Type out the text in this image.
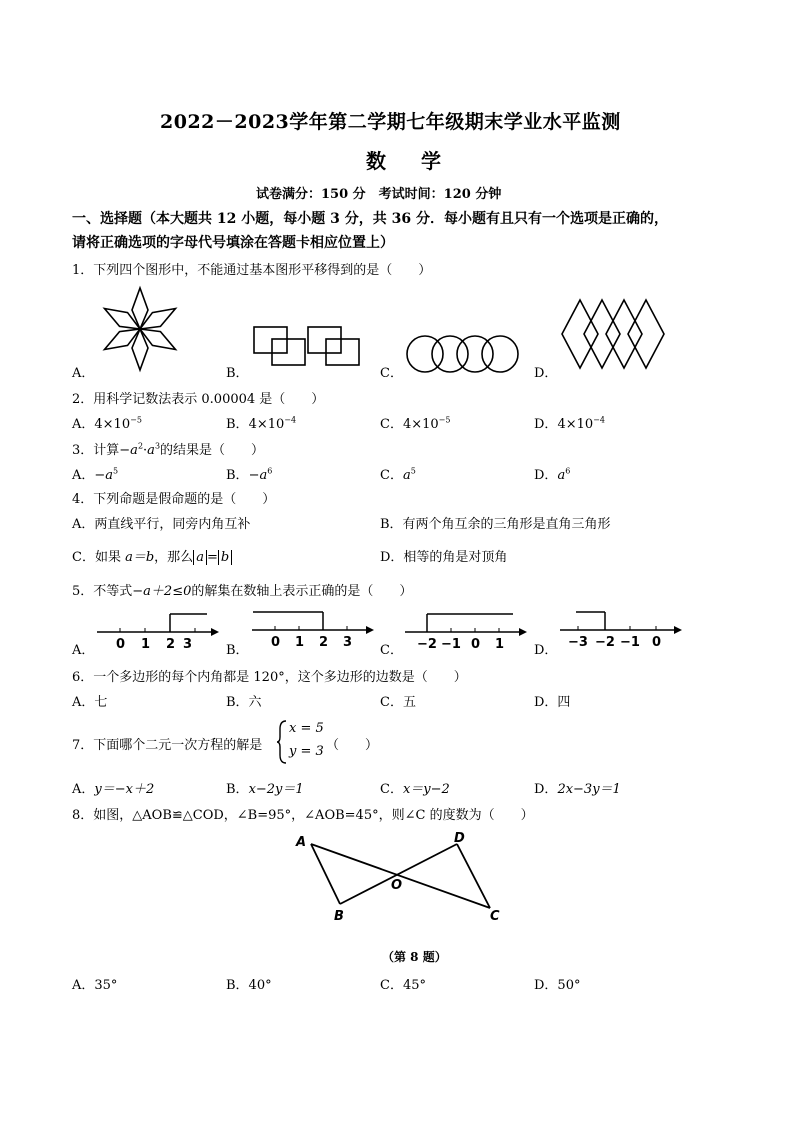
2022－2023学年第二学期七年级期末学业水平监测
数 学
试卷满分：150 分　考试时间：120 分钟
一、选择题（本大题共 12 小题，每小题 3 分，共 36 分．每小题有且只有一个选项是正确的，
请将正确选项的字母代号填涂在答题卡相应位置上）
1．下列四个图形中，不能通过基本图形平移得到的是（　　）
A．	B．	C．	D．
2．用科学记数法表示 0.00004 是（　　）
A．$4\times 10^{-5}$	B．$4\times 10^{-4}$	C．$4\times 10^{-5}$	D．$4\times 10^{-4}$
3．计算$-a^2\cdot a^3$的结果是（　　）
A．$-a^5$	B．$-a^6$	C．$a^5$	D．$a^6$
4．下列命题是假命题的是（　　）
A．两直线平行，同旁内角互补	B．有两个角互余的三角形是直角三角形
C．如果 a＝b，那么 a = b	D．相等的角是对顶角
5．不等式−a＋2≤0的解集在数轴上表示正确的是（　　）
0 1 2 3	0 1 2 3	−2 −1 0 1	−3 −2 −1 0
A．	B．	C．	D．
6．一个多边形的每个内角都是 120°，这个多边形的边数是（　　）
A．七	B．六	C．五	D．四
7．下面哪个二元一次方程的解是
x = 5
y = 3 （　　）
A．y＝−x＋2	B．x−2y＝1	C．x＝y−2	D．2x−3y＝1
8．如图，△AOB≌△COD，∠B=95°，∠AOB=45°，则∠C 的度数为（　　）
A
B
O
C
D
（第 8 题）
A．35°	B．40°	C．45°	D．50°
